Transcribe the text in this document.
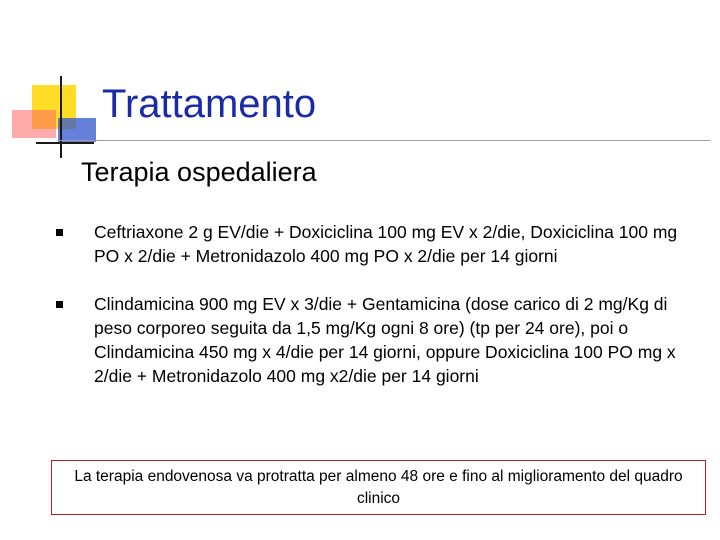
Trattamento
Terapia ospedaliera
Ceftriaxone 2 g EV/die + Doxiciclina 100 mg EV x 2/die, Doxiciclina 100 mg PO x 2/die + Metronidazolo 400 mg PO x 2/die per 14 giorni
Clindamicina 900 mg EV x 3/die + Gentamicina (dose carico di 2 mg/Kg di peso corporeo seguita da 1,5 mg/Kg ogni 8 ore) (tp per 24 ore), poi o Clindamicina 450 mg x 4/die per 14 giorni, oppure Doxiciclina 100 PO mg x 2/die + Metronidazolo 400 mg x2/die per 14 giorni
La terapia endovenosa va protratta per almeno 48 ore e fino al miglioramento del quadro clinico
